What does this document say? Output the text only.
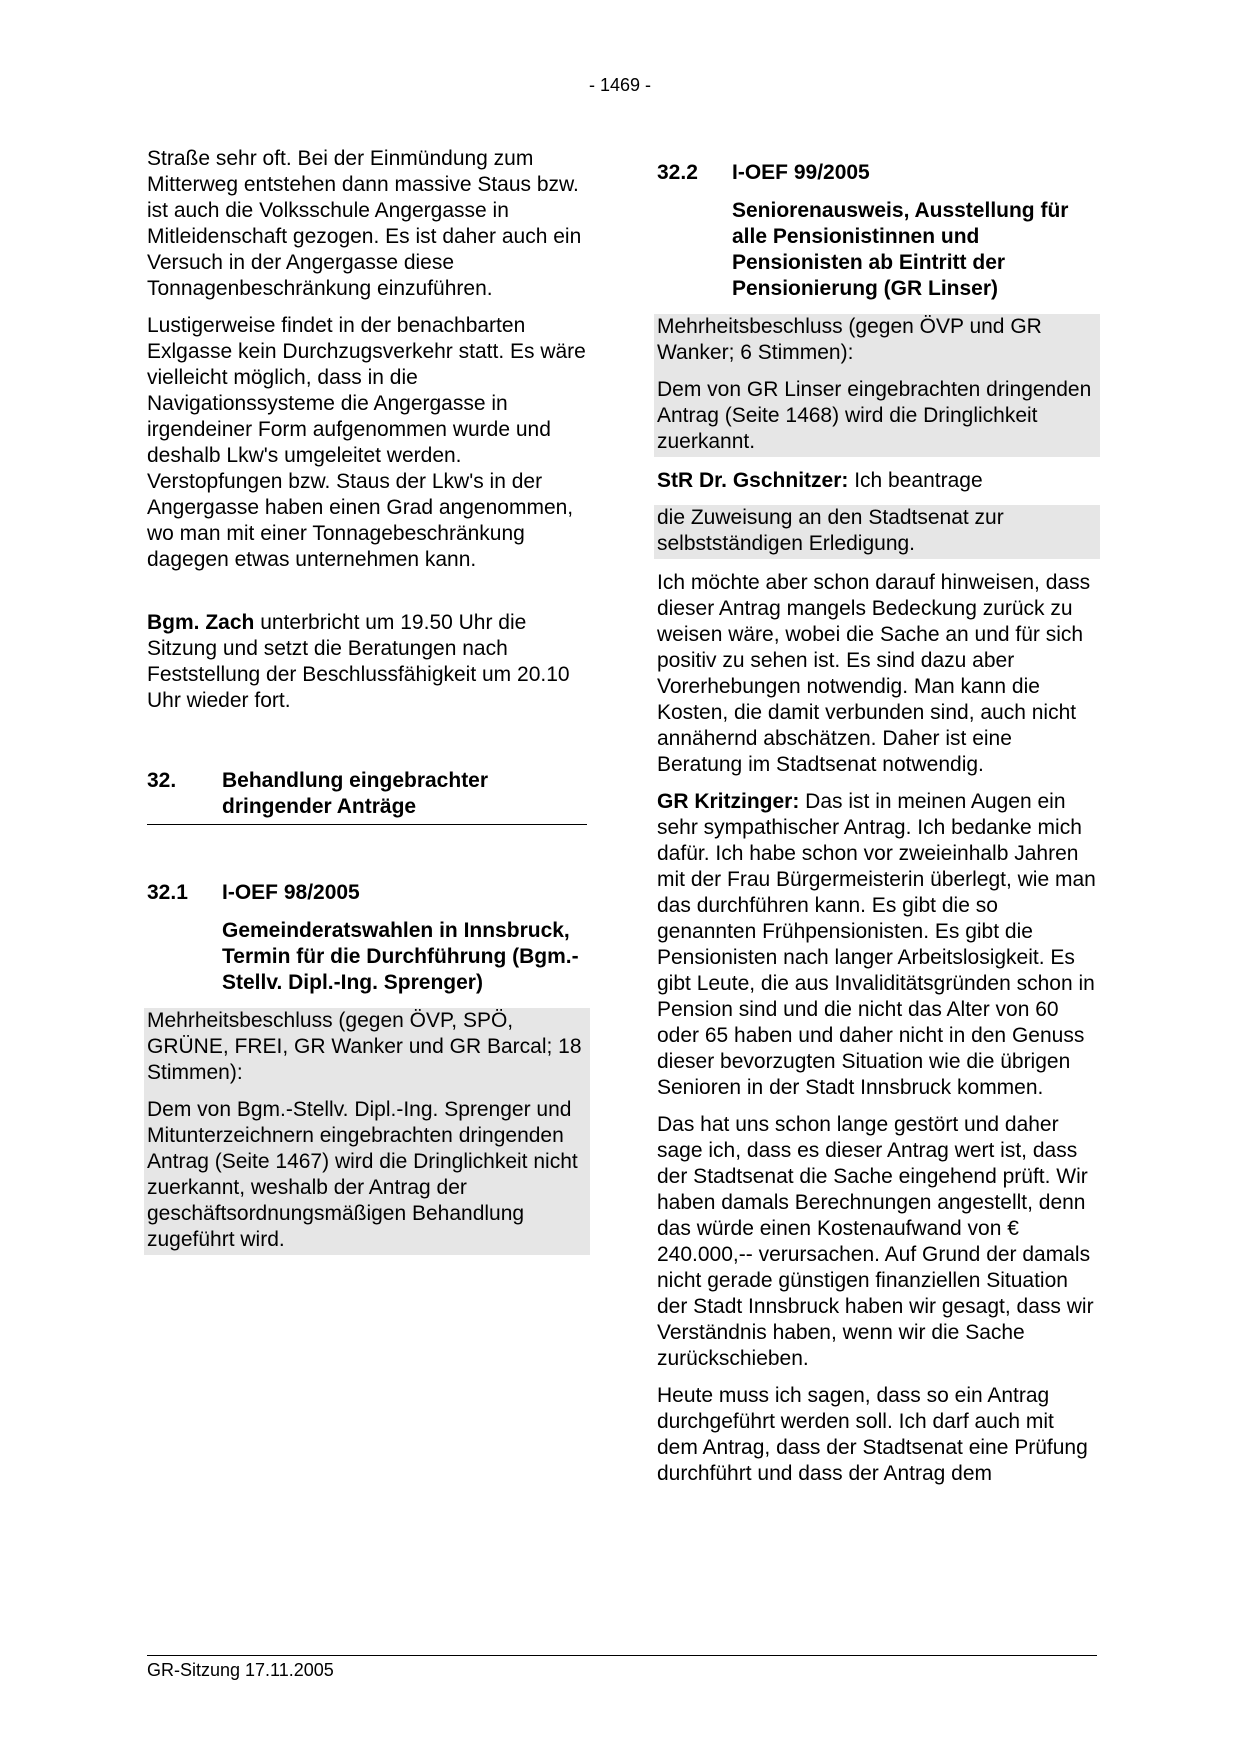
- 1469 -

Straße sehr oft. Bei der Einmündung zum Mitterweg entstehen dann massive Staus bzw. ist auch die Volksschule Angergasse in Mitleidenschaft gezogen. Es ist daher auch ein Versuch in der Angergasse diese Tonnagenbeschränkung einzuführen.

Lustigerweise findet in der benachbarten Exlgasse kein Durchzugsverkehr statt. Es wäre vielleicht möglich, dass in die Navigationssysteme die Angergasse in irgendeiner Form aufgenommen wurde und deshalb Lkw's umgeleitet werden. Verstopfungen bzw. Staus der Lkw's in der Angergasse haben einen Grad angenommen, wo man mit einer Tonnagebeschränkung dagegen etwas unternehmen kann.

Bgm. Zach unterbricht um 19.50 Uhr die Sitzung und setzt die Beratungen nach Feststellung der Beschlussfähigkeit um 20.10 Uhr wieder fort.

32.	Behandlung eingebrachter dringender Anträge
32.1	I-OEF 98/2005

Gemeinderatswahlen in Innsbruck, Termin für die Durchführung (Bgm.-Stellv. Dipl.-Ing. Sprenger)

Mehrheitsbeschluss (gegen ÖVP, SPÖ, GRÜNE, FREI, GR Wanker und GR Barcal; 18 Stimmen):

Dem von Bgm.-Stellv. Dipl.-Ing. Sprenger und Mitunterzeichnern eingebrachten dringenden Antrag (Seite 1467) wird die Dringlichkeit nicht zuerkannt, weshalb der Antrag der geschäftsordnungsmäßigen Behandlung zugeführt wird.

32.2	I-OEF 99/2005

Seniorenausweis, Ausstellung für alle Pensionistinnen und Pensionisten ab Eintritt der Pensionierung (GR Linser)

Mehrheitsbeschluss (gegen ÖVP und GR Wanker; 6 Stimmen):

Dem von GR Linser eingebrachten dringenden Antrag (Seite 1468) wird die Dringlichkeit zuerkannt.

StR Dr. Gschnitzer: Ich beantrage

die Zuweisung an den Stadtsenat zur selbstständigen Erledigung.

Ich möchte aber schon darauf hinweisen, dass dieser Antrag mangels Bedeckung zurück zu weisen wäre, wobei die Sache an und für sich positiv zu sehen ist. Es sind dazu aber Vorerhebungen notwendig. Man kann die Kosten, die damit verbunden sind, auch nicht annähernd abschätzen. Daher ist eine Beratung im Stadtsenat notwendig.

GR Kritzinger: Das ist in meinen Augen ein sehr sympathischer Antrag. Ich bedanke mich dafür. Ich habe schon vor zweieinhalb Jahren mit der Frau Bürgermeisterin überlegt, wie man das durchführen kann. Es gibt die so genannten Frühpensionisten. Es gibt die Pensionisten nach langer Arbeitslosigkeit. Es gibt Leute, die aus Invaliditätsgründen schon in Pension sind und die nicht das Alter von 60 oder 65 haben und daher nicht in den Genuss dieser bevorzugten Situation wie die übrigen Senioren in der Stadt Innsbruck kommen.

Das hat uns schon lange gestört und daher sage ich, dass es dieser Antrag wert ist, dass der Stadtsenat die Sache eingehend prüft. Wir haben damals Berechnungen angestellt, denn das würde einen Kostenaufwand von € 240.000,-- verursachen. Auf Grund der damals nicht gerade günstigen finanziellen Situation der Stadt Innsbruck haben wir gesagt, dass wir Verständnis haben, wenn wir die Sache zurückschieben.

Heute muss ich sagen, dass so ein Antrag durchgeführt werden soll. Ich darf auch mit dem Antrag, dass der Stadtsenat eine Prüfung durchführt und dass der Antrag dem

GR-Sitzung 17.11.2005
